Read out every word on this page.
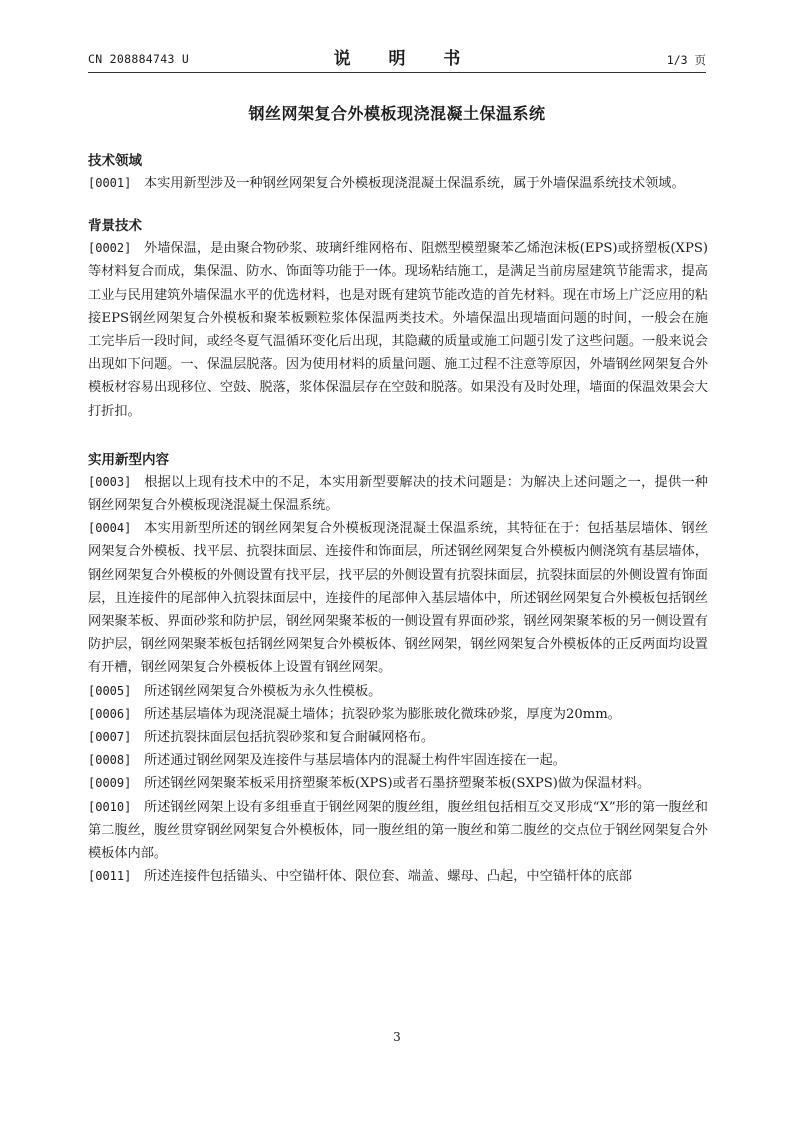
CN 208884743 U	说 明 书	1/3 页
钢丝网架复合外模板现浇混凝土保温系统

技术领域

[0001] 本实用新型涉及一种钢丝网架复合外模板现浇混凝土保温系统，属于外墙保温系统技术领域。

背景技术

[0002] 外墙保温，是由聚合物砂浆、玻璃纤维网格布、阻燃型模塑聚苯乙烯泡沫板(EPS)或挤塑板(XPS)等材料复合而成，集保温、防水、饰面等功能于一体。现场粘结施工，是满足当前房屋建筑节能需求，提高工业与民用建筑外墙保温水平的优选材料，也是对既有建筑节能改造的首先材料。现在市场上广泛应用的粘接EPS钢丝网架复合外模板和聚苯板颗粒浆体保温两类技术。外墙保温出现墙面问题的时间，一般会在施工完毕后一段时间，或经冬夏气温循环变化后出现，其隐藏的质量或施工问题引发了这些问题。一般来说会出现如下问题。一、保温层脱落。因为使用材料的质量问题、施工过程不注意等原因，外墙钢丝网架复合外模板材容易出现移位、空鼓、脱落，浆体保温层存在空鼓和脱落。如果没有及时处理，墙面的保温效果会大打折扣。

实用新型内容

[0003] 根据以上现有技术中的不足，本实用新型要解决的技术问题是：为解决上述问题之一，提供一种钢丝网架复合外模板现浇混凝土保温系统。

[0004] 本实用新型所述的钢丝网架复合外模板现浇混凝土保温系统，其特征在于：包括基层墙体、钢丝网架复合外模板、找平层、抗裂抹面层、连接件和饰面层，所述钢丝网架复合外模板内侧浇筑有基层墙体，钢丝网架复合外模板的外侧设置有找平层，找平层的外侧设置有抗裂抹面层，抗裂抹面层的外侧设置有饰面层，且连接件的尾部伸入抗裂抹面层中，连接件的尾部伸入基层墙体中，所述钢丝网架复合外模板包括钢丝网架聚苯板、界面砂浆和防护层，钢丝网架聚苯板的一侧设置有界面砂浆，钢丝网架聚苯板的另一侧设置有防护层，钢丝网架聚苯板包括钢丝网架复合外模板体、钢丝网架，钢丝网架复合外模板体的正反两面均设置有开槽，钢丝网架复合外模板体上设置有钢丝网架。

[0005] 所述钢丝网架复合外模板为永久性模板。

[0006] 所述基层墙体为现浇混凝土墙体；抗裂砂浆为膨胀玻化微珠砂浆，厚度为20mm。

[0007] 所述抗裂抹面层包括抗裂砂浆和复合耐碱网格布。

[0008] 所述通过钢丝网架及连接件与基层墙体内的混凝土构件牢固连接在一起。

[0009] 所述钢丝网架聚苯板采用挤塑聚苯板(XPS)或者石墨挤塑聚苯板(SXPS)做为保温材料。

[0010] 所述钢丝网架上设有多组垂直于钢丝网架的腹丝组，腹丝组包括相互交叉形成“X”形的第一腹丝和第二腹丝，腹丝贯穿钢丝网架复合外模板体，同一腹丝组的第一腹丝和第二腹丝的交点位于钢丝网架复合外模板体内部。

[0011] 所述连接件包括锚头、中空锚杆体、限位套、端盖、螺母、凸起，中空锚杆体的底部

3
